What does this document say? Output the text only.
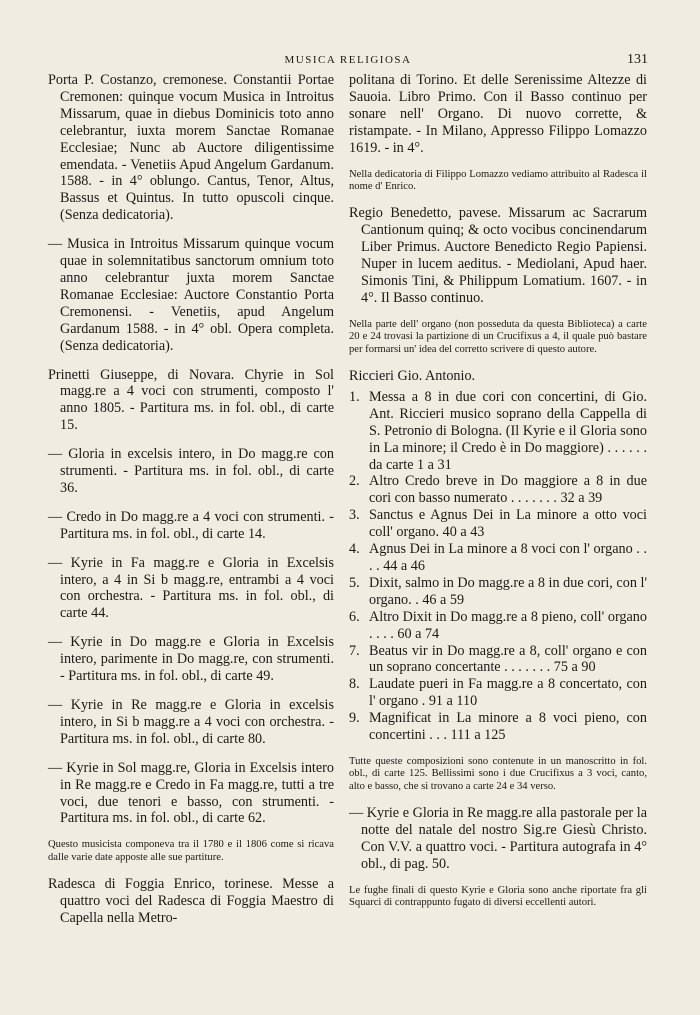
MUSICA RELIGIOSA	131

Porta P. Costanzo, cremonese. Constantii Portae Cremonen: quinque vocum Musica in Introitus Missarum, quae in diebus Dominicis toto anno celebrantur, iuxta morem Sanctae Romanae Ecclesiae; Nunc ab Auctore diligentissime emendata. - Venetiis Apud Angelum Gardanum. 1588. - in 4° oblungo. Cantus, Tenor, Altus, Bassus et Quintus. In tutto opuscoli cinque. (Senza dedicatoria).

— Musica in Introitus Missarum quinque vocum quae in solemnitatibus sanctorum omnium toto anno celebrantur juxta morem Sanctae Romanae Ecclesiae: Auctore Constantio Porta Cremonensi. - Venetiis, apud Angelum Gardanum 1588. - in 4° obl. Opera completa. (Senza dedicatoria).

Prinetti Giuseppe, di Novara. Chyrie in Sol magg.re a 4 voci con strumenti, composto l' anno 1805. - Partitura ms. in fol. obl., di carte 15.

— Gloria in excelsis intero, in Do magg.re con strumenti. - Partitura ms. in fol. obl., di carte 36.

— Credo in Do magg.re a 4 voci con strumenti. - Partitura ms. in fol. obl., di carte 14.

— Kyrie in Fa magg.re e Gloria in Excelsis intero, a 4 in Si b magg.re, entrambi a 4 voci con orchestra. - Partitura ms. in fol. obl., di carte 44.

— Kyrie in Do magg.re e Gloria in Excelsis intero, parimente in Do magg.re, con strumenti. - Partitura ms. in fol. obl., di carte 49.

— Kyrie in Re magg.re e Gloria in excelsis intero, in Si b magg.re a 4 voci con orchestra. - Partitura ms. in fol. obl., di carte 80.

— Kyrie in Sol magg.re, Gloria in Excelsis intero in Re magg.re e Credo in Fa magg.re, tutti a tre voci, due tenori e basso, con strumenti. - Partitura ms. in fol. obl., di carte 62.

Questo musicista componeva tra il 1780 e il 1806 come si ricava dalle varie date apposte alle sue partiture.

Radesca di Foggia Enrico, torinese. Messe a quattro voci del Radesca di Foggia Maestro di Capella nella Metro-

politana di Torino. Et delle Serenissime Altezze di Sauoia. Libro Primo. Con il Basso continuo per sonare nell' Organo. Di nuovo corrette, & ristampate. - In Milano, Appresso Filippo Lomazzo 1619. - in 4°.

Nella dedicatoria di Filippo Lomazzo vediamo attribuito al Radesca il nome d' Enrico.

Regio Benedetto, pavese. Missarum ac Sacrarum Cantionum quinq; & octo vocibus concinendarum Liber Primus. Auctore Benedicto Regio Papiensi. Nuper in lucem aeditus. - Mediolani, Apud haer. Simonis Tini, & Philippum Lomatium. 1607. - in 4°. Il Basso continuo.

Nella parte dell' organo (non posseduta da questa Biblioteca) a carte 20 e 24 trovasi la partizione di un Crucifixus a 4, il quale può bastare per formarsi un' idea del corretto scrivere di questo autore.

Riccieri Gio. Antonio.

1. Messa a 8 in due cori con concertini, di Gio. Ant. Riccieri musico soprano della Cappella di S. Petronio di Bologna. (Il Kyrie e il Gloria sono in La minore; il Credo è in Do maggiore) . . . . . . da carte 1 a 31
2. Altro Credo breve in Do maggiore a 8 in due cori con basso numerato . . . . . . . 32 a 39
3. Sanctus e Agnus Dei in La minore a otto voci coll' organo. 40 a 43
4. Agnus Dei in La minore a 8 voci con l' organo . . . . 44 a 46
5. Dixit, salmo in Do magg.re a 8 in due cori, con l' organo. . 46 a 59
6. Altro Dixit in Do magg.re a 8 pieno, coll' organo . . . . 60 a 74
7. Beatus vir in Do magg.re a 8, coll' organo e con un soprano concertante . . . . . . . 75 a 90
8. Laudate pueri in Fa magg.re a 8 concertato, con l' organo . 91 a 110
9. Magnificat in La minore a 8 voci pieno, con concertini . . . 111 a 125

Tutte queste composizioni sono contenute in un manoscritto in fol. obl., di carte 125. Bellissimi sono i due Crucifixus a 3 voci, canto, alto e basso, che si trovano a carte 24 e 34 verso.

— Kyrie e Gloria in Re magg.re alla pastorale per la notte del natale del nostro Sig.re Giesù Christo. Con V.V. a quattro voci. - Partitura autografa in 4° obl., di pag. 50.

Le fughe finali di questo Kyrie e Gloria sono anche riportate fra gli Squarci di contrappunto fugato di diversi eccellenti autori.
